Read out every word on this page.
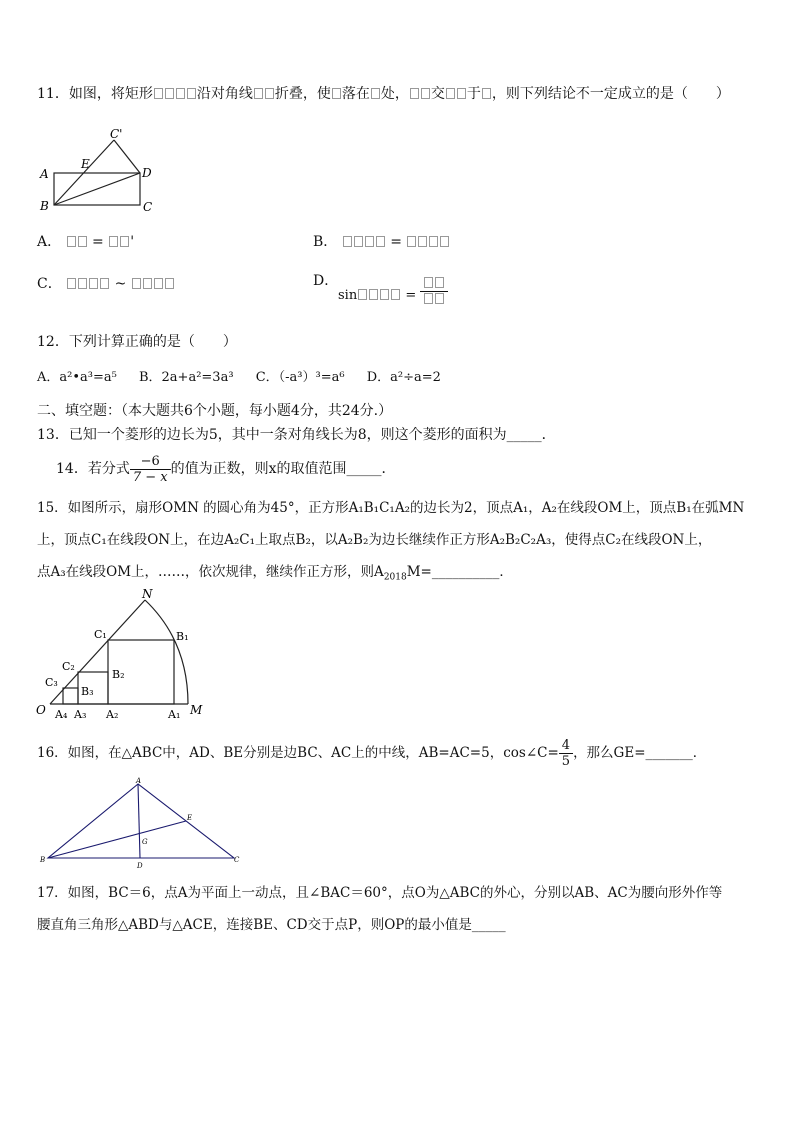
11．如图，将矩形	沿对角线 折叠，使 落在 处， 交 于 ，则下列结论不一定成立的是（　　）
A
B	C
D
E
C'
A． = '	B．	=
C．	~	D．
sin	=
12．下列计算正确的是（　　）
A．a²•a³=a⁵ B．2a+a²=3a³ C．（-a³）³=a⁶ D．a²÷a=2
二、填空题：（本大题共6个小题，每小题4分，共24分.）
13．已知一个菱形的边长为5，其中一条对角线长为8，则这个菱形的面积为_____．
14．若分式 $\frac{-6}{7 - x}$ 的值为正数，则x的取值范围_____．
15．如图所示，扇形OMN 的圆心角为45°，正方形A₁B₁C₁A₂的边长为2，顶点A₁，A₂在线段OM上，顶点B₁在弧MN
上，顶点C₁在线段ON上，在边A₂C₁上取点B₂，以A₂B₂为边长继续作正方形A₂B₂C₂A₃，使得点C₂在线段ON上，
点A₃在线段OM上，……，依次规律，继续作正方形，则$A_{2018}M=\_\_\_\_\_\_\_\_\_\_$．
N
M
O A₄ A₃ A₂	A₁
B₁
B₂
B₃
C₁
C₂
C₃
16．如图，在△ABC中，AD、BE分别是边BC、AC上的中线，AB=AC=5，cos∠C= $\frac{4}{5}$ ，那么GE=_______．
A
B	C
D
E
G
17．如图，BC＝6，点A为平面上一动点，且∠BAC＝60°，点O为△ABC的外心，分别以AB、AC为腰向形外作等
腰直角三角形△ABD与△ACE，连接BE、CD交于点P，则OP的最小值是_____
